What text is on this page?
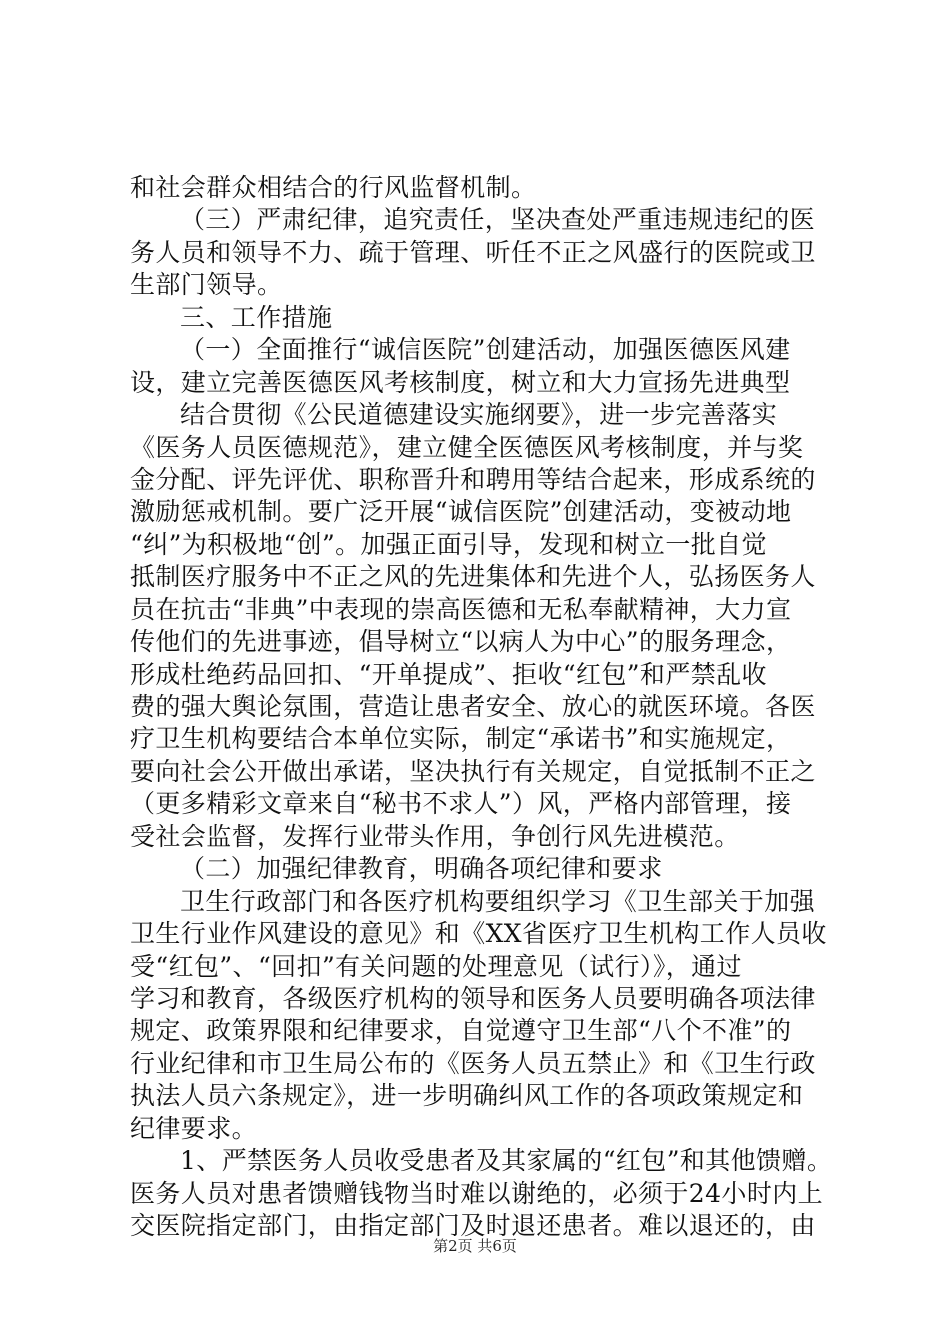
和社会群众相结合的行风监督机制。
（三）严肃纪律，追究责任，坚决查处严重违规违纪的医
务人员和领导不力、疏于管理、听任不正之风盛行的医院或卫
生部门领导。
三、工作措施
（一）全面推行“诚信医院”创建活动，加强医德医风建
设，建立完善医德医风考核制度，树立和大力宣扬先进典型
结合贯彻《公民道德建设实施纲要》，进一步完善落实
《医务人员医德规范》，建立健全医德医风考核制度，并与奖
金分配、评先评优、职称晋升和聘用等结合起来，形成系统的
激励惩戒机制。要广泛开展“诚信医院”创建活动，变被动地
“纠”为积极地“创”。加强正面引导，发现和树立一批自觉
抵制医疗服务中不正之风的先进集体和先进个人，弘扬医务人
员在抗击“非典”中表现的崇高医德和无私奉献精神，大力宣
传他们的先进事迹，倡导树立“以病人为中心”的服务理念，
形成杜绝药品回扣、“开单提成”、拒收“红包”和严禁乱收
费的强大舆论氛围，营造让患者安全、放心的就医环境。各医
疗卫生机构要结合本单位实际，制定“承诺书”和实施规定，
要向社会公开做出承诺，坚决执行有关规定，自觉抵制不正之
（更多精彩文章来自“秘书不求人”）风，严格内部管理，接
受社会监督，发挥行业带头作用，争创行风先进模范。
（二）加强纪律教育，明确各项纪律和要求
卫生行政部门和各医疗机构要组织学习《卫生部关于加强
卫生行业作风建设的意见》和《XX省医疗卫生机构工作人员收
受“红包”、“回扣”有关问题的处理意见（试行）》，通过
学习和教育，各级医疗机构的领导和医务人员要明确各项法律
规定、政策界限和纪律要求，自觉遵守卫生部“八个不准”的
行业纪律和市卫生局公布的《医务人员五禁止》和《卫生行政
执法人员六条规定》，进一步明确纠风工作的各项政策规定和
纪律要求。
1、严禁医务人员收受患者及其家属的“红包”和其他馈赠。
医务人员对患者馈赠钱物当时难以谢绝的，必须于24小时内上
交医院指定部门，由指定部门及时退还患者。难以退还的，由
第2页 共6页
